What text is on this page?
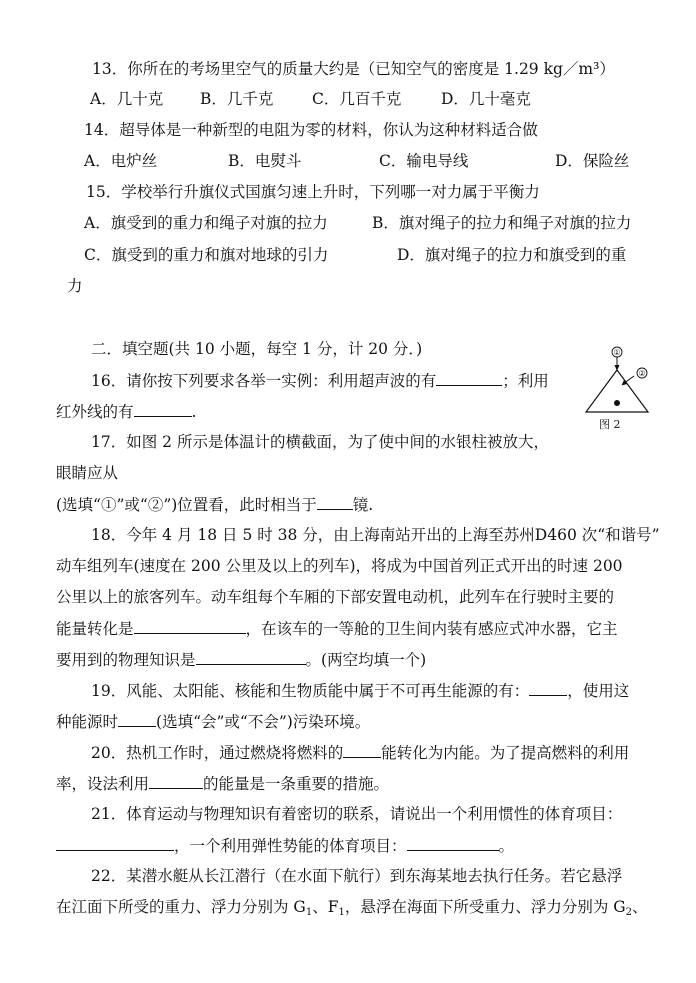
13．你所在的考场里空气的质量大约是（已知空气的密度是 1.29 kg／m³）
A．几十克 B．几千克 C．几百千克	D．几十毫克
14．超导体是一种新型的电阻为零的材料，你认为这种材料适合做
A．电炉丝	B．电熨斗	C．输电导线	D．保险丝
15．学校举行升旗仪式国旗匀速上升时，下列哪一对力属于平衡力
A．旗受到的重力和绳子对旗的拉力	B．旗对绳子的拉力和绳子对旗的拉力
C．旗受到的重力和旗对地球的引力	D．旗对绳子的拉力和旗受到的重
力
二．填空题(共 10 小题，每空 1 分，计 20 分．)
16．请你按下列要求各举一实例：利用超声波的有	；利用
红外线的有	.
①
②
图 2
17．如图 2 所示是体温计的横截面，为了使中间的水银柱被放大，
眼睛应从
(选填“①”或“②”)位置看，此时相当于 镜.
18．今年 4 月 18 日 5 时 38 分，由上海南站开出的上海至苏州D460 次“和谐号”
动车组列车(速度在 200 公里及以上的列车)，将成为中国首列正式开出的时速 200
公里以上的旅客列车。动车组每个车厢的下部安置电动机，此列车在行驶时主要的
能量转化是	，在该车的一等舱的卫生间内装有感应式冲水器，它主
要用到的物理知识是	。(两空均填一个)
19．风能、太阳能、核能和生物质能中属于不可再生能源的有： ，使用这
种能源时 (选填“会”或“不会”)污染环境。
20．热机工作时，通过燃烧将燃料的 能转化为内能。为了提高燃料的利用
率，设法利用	的能量是一条重要的措施。
21．体育运动与物理知识有着密切的联系，请说出一个利用惯性的体育项目：
，一个利用弹性势能的体育项目：	。
22．某潜水艇从长江潜行（在水面下航行）到东海某地去执行任务。若它悬浮
在江面下所受的重力、浮力分别为 $G_1$、$F_1$，悬浮在海面下所受重力、浮力分别为 $G_2$、
